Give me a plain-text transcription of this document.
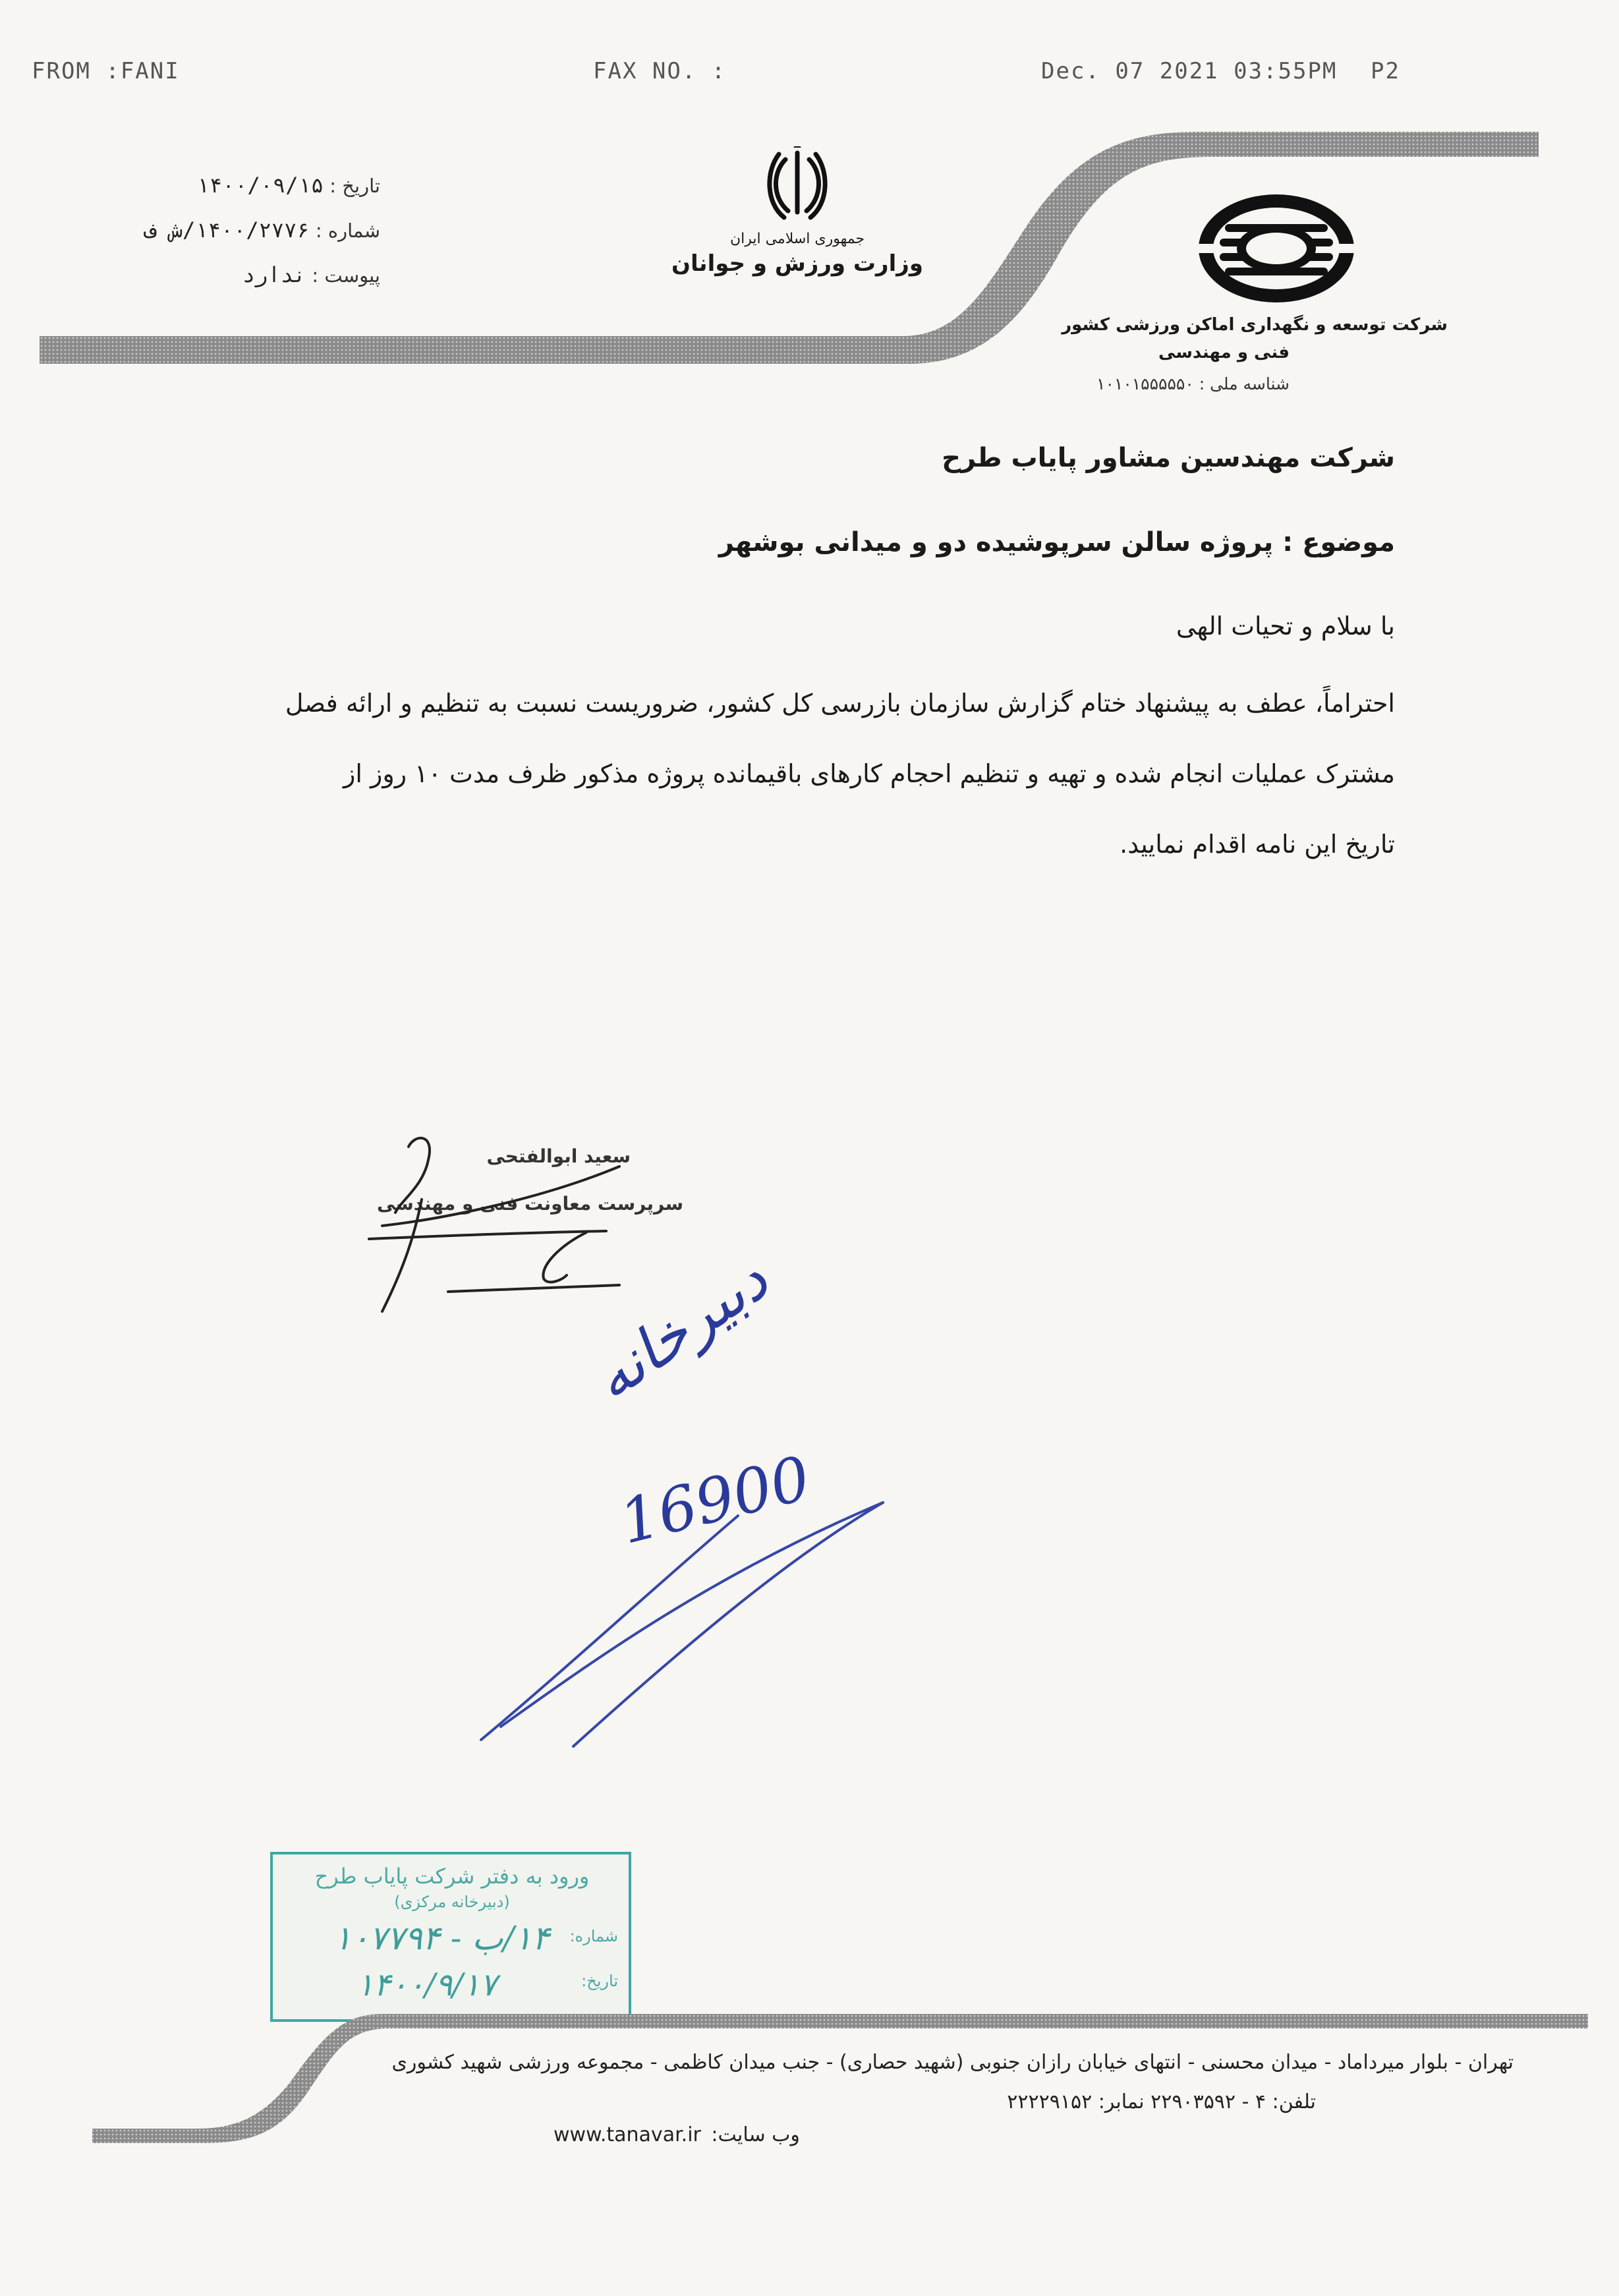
FROM :FANI	FAX NO. :	Dec. 07 2021 03:55PM P2
تاریخ : ۱۴۰۰/۰۹/۱۵
شماره : ۱۴۰۰/۲۷۷۶/ش ف
پیوست : ندارد
جمهوری اسلامی ایران
وزارت ورزش و جوانان
شرکت توسعه و نگهداری اماکن ورزشی کشور
فنی و مهندسی
شناسه ملی : ۱۰۱۰۱۵۵۵۵۵۰
شرکت مهندسین مشاور پایاب طرح
موضوع : پروژه سالن سرپوشیده دو و میدانی بوشهر
با سلام و تحیات الهی
احتراماً، عطف به پیشنهاد ختام گزارش سازمان بازرسی کل کشور، ضروریست نسبت به تنظیم و ارائه فصل
مشترک عملیات انجام شده و تهیه و تنظیم احجام کارهای باقیمانده پروژه مذکور ظرف مدت ۱۰ روز از
تاریخ این نامه اقدام نمایید.
سعید ابوالفتحی
سرپرست معاونت فنی و مهندسی
دبیرخانه
16900
ورود به دفتر شرکت پایاب طرح
(دبیرخانه مرکزی)
شماره:
۱۴/ب - ۱۰۷۷۹۴
تاریخ:
۱۴۰۰/۹/۱۷
تهران - بلوار میرداماد - میدان محسنی - انتهای خیابان رازان جنوبی (شهید حصاری) - جنب میدان کاظمی - مجموعه ورزشی شهید کشوری
تلفن: ۴ - ۲۲۹۰۳۵۹۲ نمابر: ۲۲۲۲۹۱۵۲
www.tanavar.ir وب سایت:
